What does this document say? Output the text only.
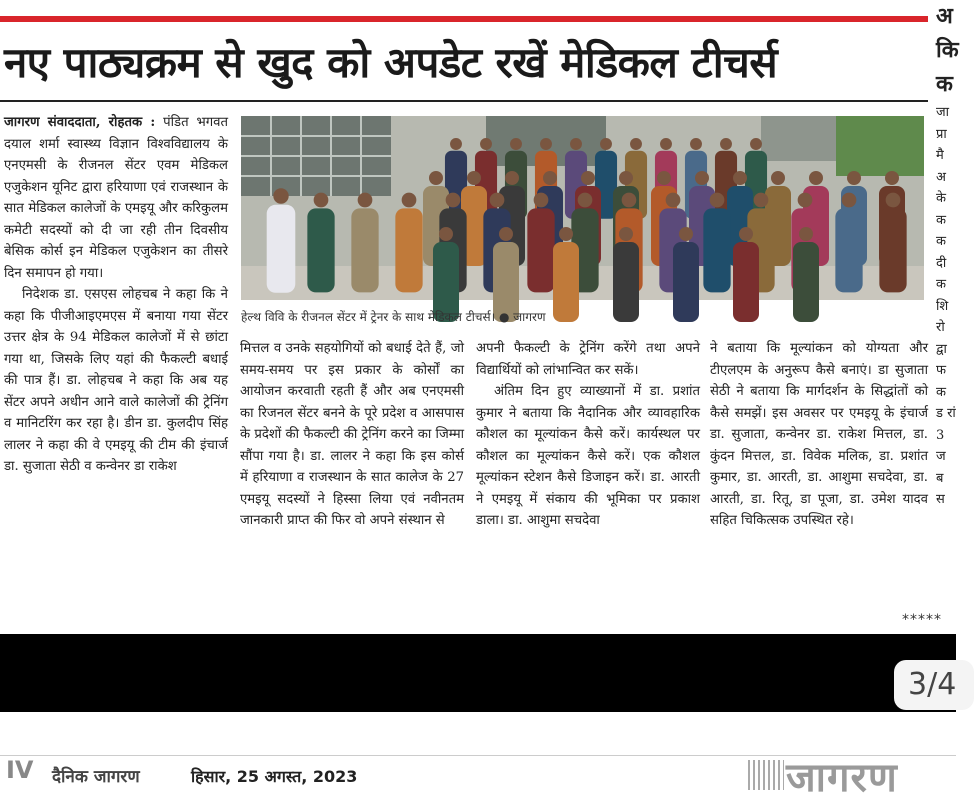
नए पाठ्यक्रम से खुद को अपडेट रखें मेडिकल टीचर्स

जागरण संवाददाता, रोहतक : पंडित भगवत दयाल शर्मा स्वास्थ्य विज्ञान विश्वविद्यालय के एनएमसी के रीजनल सेंटर एवम मेडिकल एजुकेशन यूनिट द्वारा हरियाणा एवं राजस्थान के सात मेडिकल कालेजों के एमइयू और करिकुलम कमेटी सदस्यों को दी जा रही तीन दिवसीय बेसिक कोर्स इन मेडिकल एजुकेशन का तीसरे दिन समापन हो गया।

निदेशक डा. एसएस लोहचब ने कहा कि ने कहा कि पीजीआइएमएस में बनाया गया सेंटर उत्तर क्षेत्र के 94 मेडिकल कालेजों में से छांटा गया था, जिसके लिए यहां की फैकल्टी बधाई की पात्र हैं। डा. लोहचब ने कहा कि अब यह सेंटर अपने अधीन आने वाले कालेजों की ट्रेनिंग व मानिटरिंग कर रहा है। डीन डा. कुलदीप सिंह लालर ने कहा की वे एमइयू की टीम की इंचार्ज डा. सुजाता सेठी व कन्वेनर डा राकेश

हेल्थ विवि के रीजनल सेंटर में ट्रेनर के साथ मेडिकल टीचर्स। ● जागरण

मित्तल व उनके सहयोगियों को बधाई देते हैं, जो समय-समय पर इस प्रकार के कोर्सों का आयोजन करवाती रहती हैं और अब एनएमसी का रिजनल सेंटर बनने के पूरे प्रदेश व आसपास के प्रदेशों की फैकल्टी की ट्रेनिंग करने का जिम्मा सौंपा गया है। डा. लालर ने कहा कि इस कोर्स में हरियाणा व राजस्थान के सात कालेज के 27 एमइयू सदस्यों ने हिस्सा लिया एवं नवीनतम जानकारी प्राप्त की फिर वो अपने संस्थान से

अपनी फैकल्टी के ट्रेनिंग करेंगे तथा अपने विद्यार्थियों को लांभान्वित कर सकें।

अंतिम दिन हुए व्याख्यानों में डा. प्रशांत कुमार ने बताया कि नैदानिक और व्यावहारिक कौशल का मूल्यांकन कैसे करें। कार्यस्थल पर कौशल का मूल्यांकन कैसे करें। एक कौशल मूल्यांकन स्टेशन कैसे डिजाइन करें। डा. आरती ने एमइयू में संकाय की भूमिका पर प्रकाश डाला। डा. आशुमा सचदेवा

ने बताया कि मूल्यांकन को योग्यता और टीएलएम के अनुरूप कैसे बनाएं। डा सुजाता सेठी ने बताया कि मार्गदर्शन के सिद्धांतों को कैसे समझें। इस अवसर पर एमइयू के इंचार्ज डा. सुजाता, कन्वेनर डा. राकेश मित्तल, डा. कुंदन मित्तल, डा. विवेक मलिक, डा. प्रशांत कुमार, डा. आरती, डा. आशुमा सचदेवा, डा. आरती, डा. रितू, डा पूजा, डा. उमेश यादव सहित चिकित्सक उपस्थित रहे।

अ कि क
जा प्रा मै अ के क क दी क शि रो द्वा फ क ड रां 3 ज ब स
*****
3/4
IV दैनिक जागरण	हिसार, 25 अगस्त, 2023	जागरण
